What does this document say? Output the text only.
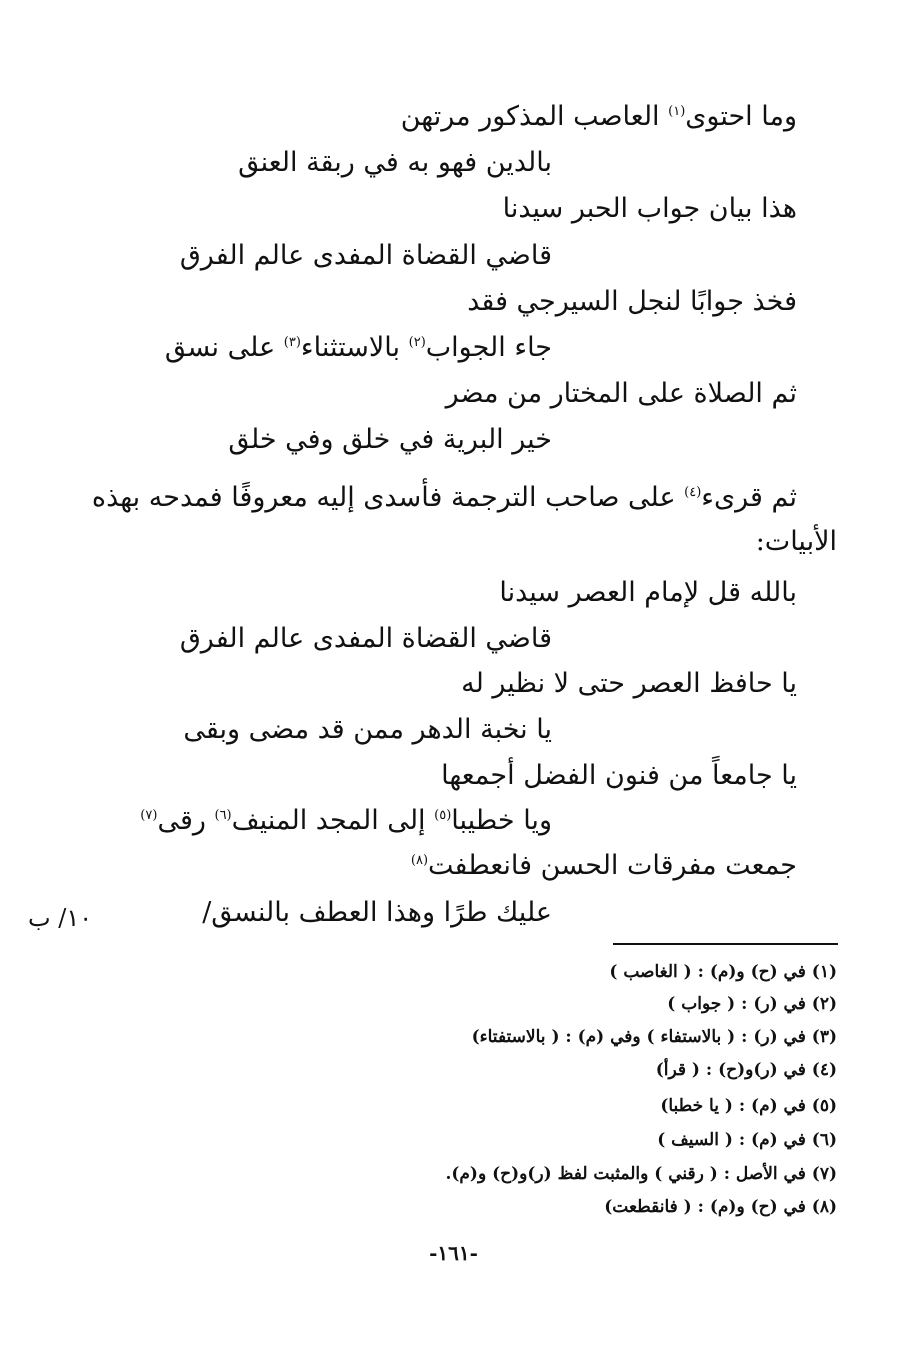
وما احتوى$^{(١)}$ العاصب المذكور مرتهن
بالدين فهو به في ربقة العنق
هذا بيان جواب الحبر سيدنا
قاضي القضاة المفدى عالم الفرق
فخذ جوابًا لنجل السيرجي فقد
جاء الجواب$^{(٢)}$ بالاستثناء$^{(٣)}$ على نسق
ثم الصلاة على المختار من مضر
خير البرية في خلق وفي خلق
ثم قرىء$^{(٤)}$ على صاحب الترجمة فأسدى إليه معروفًا فمدحه بهذه
الأبيات:
بالله قل لإمام العصر سيدنا
قاضي القضاة المفدى عالم الفرق
يا حافظ العصر حتى لا نظير له
يا نخبة الدهر ممن قد مضى وبقى
يا جامعاً من فنون الفضل أجمعها
ويا خطيبا$^{(٥)}$ إلى المجد المنيف$^{(٦)}$ رقى$^{(٧)}$
جمعت مفرقات الحسن فانعطفت$^{(٨)}$
عليك طرًا وهذا العطف بالنسق/
١٠/ ب
(١) في (ح) و(م) : ( الغاصب )
(٢) في (ر) : ( جواب )
(٣) في (ر) : ( بالاستفاء ) وفي (م) : ( بالاستفتاء)
(٤) في (ر)و(ح) : ( قرأ)
(٥) في (م) : ( يا خطبا)
(٦) في (م) : ( السيف )
(٧) في الأصل : ( رقني ) والمثبت لفظ (ر)و(ح) و(م).
(٨) في (ح) و(م) : ( فانقطعت)
-١٦١-
